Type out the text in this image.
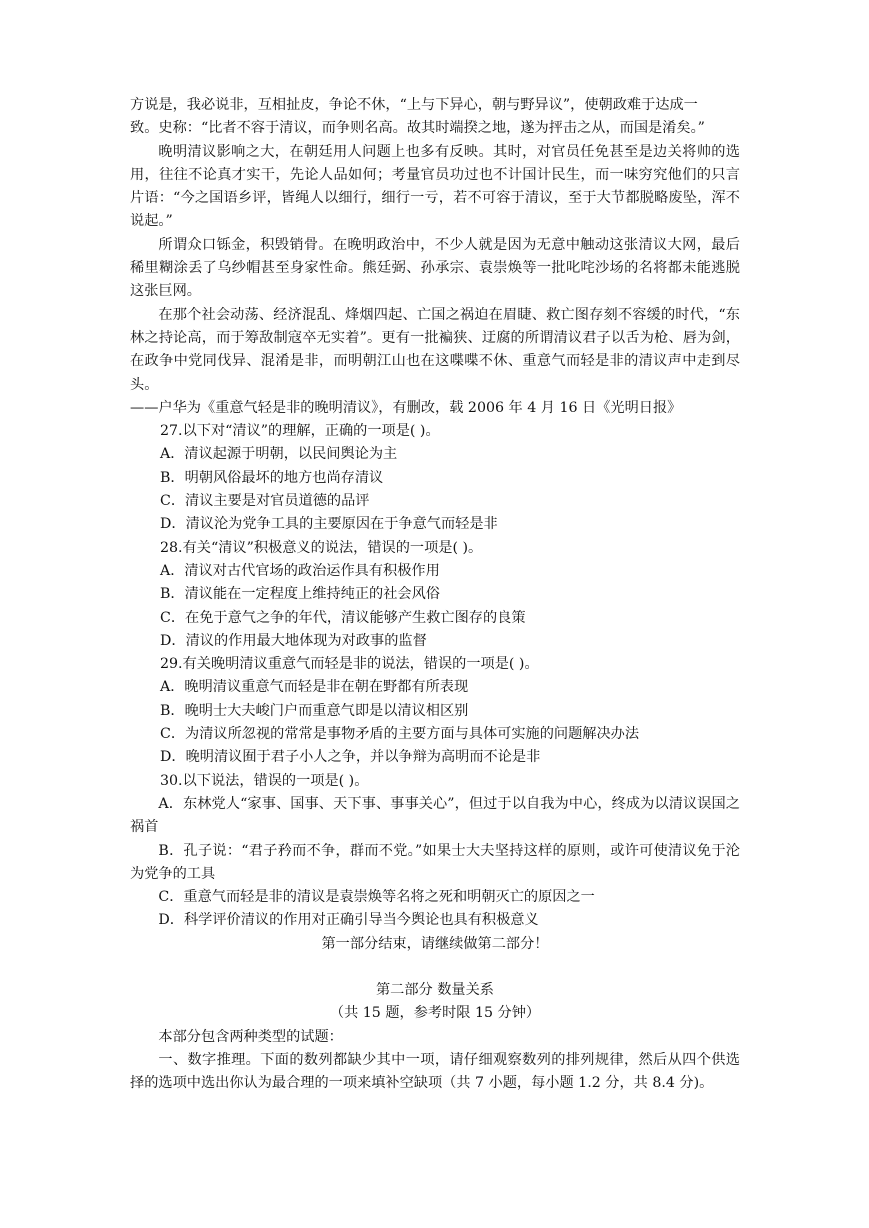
方说是，我必说非，互相扯皮，争论不休，“上与下异心，朝与野异议”，使朝政难于达成一

致。史称：“比者不容于清议，而争则名高。故其时端揆之地，遂为抨击之从，而国是淆矣。”

晚明清议影响之大，在朝廷用人问题上也多有反映。其时，对官员任免甚至是边关将帅的选用，往往不论真才实干，先论人品如何；考量官员功过也不计国计民生，而一味穷究他们的只言片语：“今之国语乡评，皆绳人以细行，细行一亏，若不可容于清议，至于大节都脱略废坠，浑不说起。”

所谓众口铄金，积毁销骨。在晚明政治中，不少人就是因为无意中触动这张清议大网，最后稀里糊涂丢了乌纱帽甚至身家性命。熊廷弼、孙承宗、袁崇焕等一批叱咤沙场的名将都未能逃脱这张巨网。

在那个社会动荡、经济混乱、烽烟四起、亡国之祸迫在眉睫、救亡图存刻不容缓的时代，“东林之持论高，而于筹敌制寇卒无实着”。更有一批褊狭、迂腐的所谓清议君子以舌为枪、唇为剑，在政争中党同伐异、混淆是非，而明朝江山也在这喋喋不休、重意气而轻是非的清议声中走到尽头。

——户华为《重意气轻是非的晚明清议》，有删改，载 2006 年 4 月 16 日《光明日报》

27.以下对“清议”的理解，正确的一项是( )。

A．清议起源于明朝，以民间舆论为主

B．明朝风俗最坏的地方也尚存清议

C．清议主要是对官员道德的品评

D．清议沦为党争工具的主要原因在于争意气而轻是非

28.有关“清议”积极意义的说法，错误的一项是( )。

A．清议对古代官场的政治运作具有积极作用

B．清议能在一定程度上维持纯正的社会风俗

C．在免于意气之争的年代，清议能够产生救亡图存的良策

D．清议的作用最大地体现为对政事的监督

29.有关晚明清议重意气而轻是非的说法，错误的一项是( )。

A．晚明清议重意气而轻是非在朝在野都有所表现

B．晚明士大夫峻门户而重意气即是以清议相区别

C．为清议所忽视的常常是事物矛盾的主要方面与具体可实施的问题解决办法

D．晚明清议囿于君子小人之争，并以争辩为高明而不论是非

30.以下说法，错误的一项是( )。

A．东林党人“家事、国事、天下事、事事关心”，但过于以自我为中心，终成为以清议误国之祸首

B．孔子说：“君子矜而不争，群而不党。”如果士大夫坚持这样的原则，或许可使清议免于沦为党争的工具

C．重意气而轻是非的清议是袁崇焕等名将之死和明朝灭亡的原因之一

D．科学评价清议的作用对正确引导当今舆论也具有积极意义

第一部分结束，请继续做第二部分！

第二部分 数量关系

（共 15 题，参考时限 15 分钟）

本部分包含两种类型的试题：

一、数字推理。下面的数列都缺少其中一项，请仔细观察数列的排列规律，然后从四个供选择的选项中选出你认为最合理的一项来填补空缺项（共 7 小题，每小题 1.2 分，共 8.4 分)。
